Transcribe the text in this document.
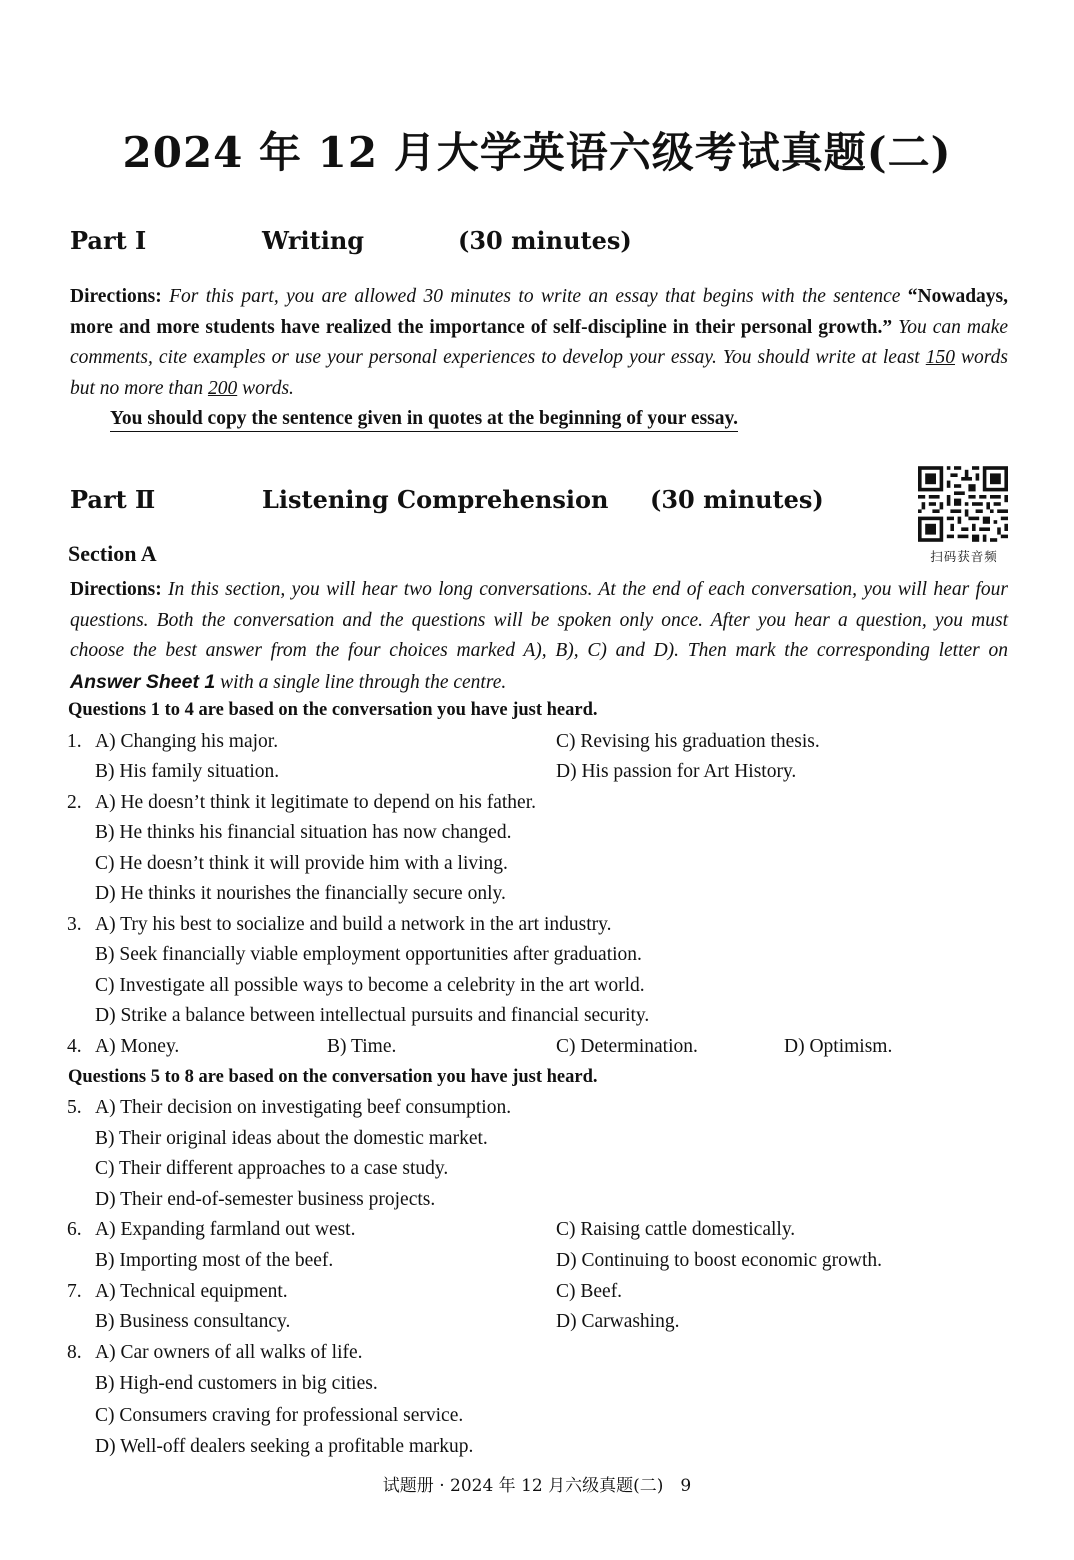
2024 年 12 月大学英语六级考试真题(二)
Part Ⅰ	Writing	(30 minutes)
Directions: For this part, you are allowed 30 minutes to write an essay that begins with the sentence “Nowadays, more and more students have realized the importance of self-discipline in their personal growth.” You can make comments, cite examples or use your personal experiences to develop your essay. You should write at least 150 words but no more than 200 words.
You should copy the sentence given in quotes at the beginning of your essay.
Part Ⅱ	Listening Comprehension (30 minutes)
扫码获音频
Section A
Directions: In this section, you will hear two long conversations. At the end of each conversation, you will hear four questions. Both the conversation and the questions will be spoken only once. After you hear a question, you must choose the best answer from the four choices marked A), B), C) and D). Then mark the corresponding letter on Answer Sheet 1 with a single line through the centre.
Questions 1 to 4 are based on the conversation you have just heard.
1. A) Changing his major.	C) Revising his graduation thesis.
B) His family situation.	D) His passion for Art History.
2. A) He doesn’t think it legitimate to depend on his father.
B) He thinks his financial situation has now changed.
C) He doesn’t think it will provide him with a living.
D) He thinks it nourishes the financially secure only.
3. A) Try his best to socialize and build a network in the art industry.
B) Seek financially viable employment opportunities after graduation.
C) Investigate all possible ways to become a celebrity in the art world.
D) Strike a balance between intellectual pursuits and financial security.
4. A) Money.	B) Time.	C) Determination.	D) Optimism.
Questions 5 to 8 are based on the conversation you have just heard.
5. A) Their decision on investigating beef consumption.
B) Their original ideas about the domestic market.
C) Their different approaches to a case study.
D) Their end-of-semester business projects.
6. A) Expanding farmland out west.	C) Raising cattle domestically.
B) Importing most of the beef.	D) Continuing to boost economic growth.
7. A) Technical equipment.	C) Beef.
B) Business consultancy.	D) Carwashing.
8. A) Car owners of all walks of life.
B) High-end customers in big cities.
C) Consumers craving for professional service.
D) Well-off dealers seeking a profitable markup.
试题册 · 2024 年 12 月六级真题(二)　9
